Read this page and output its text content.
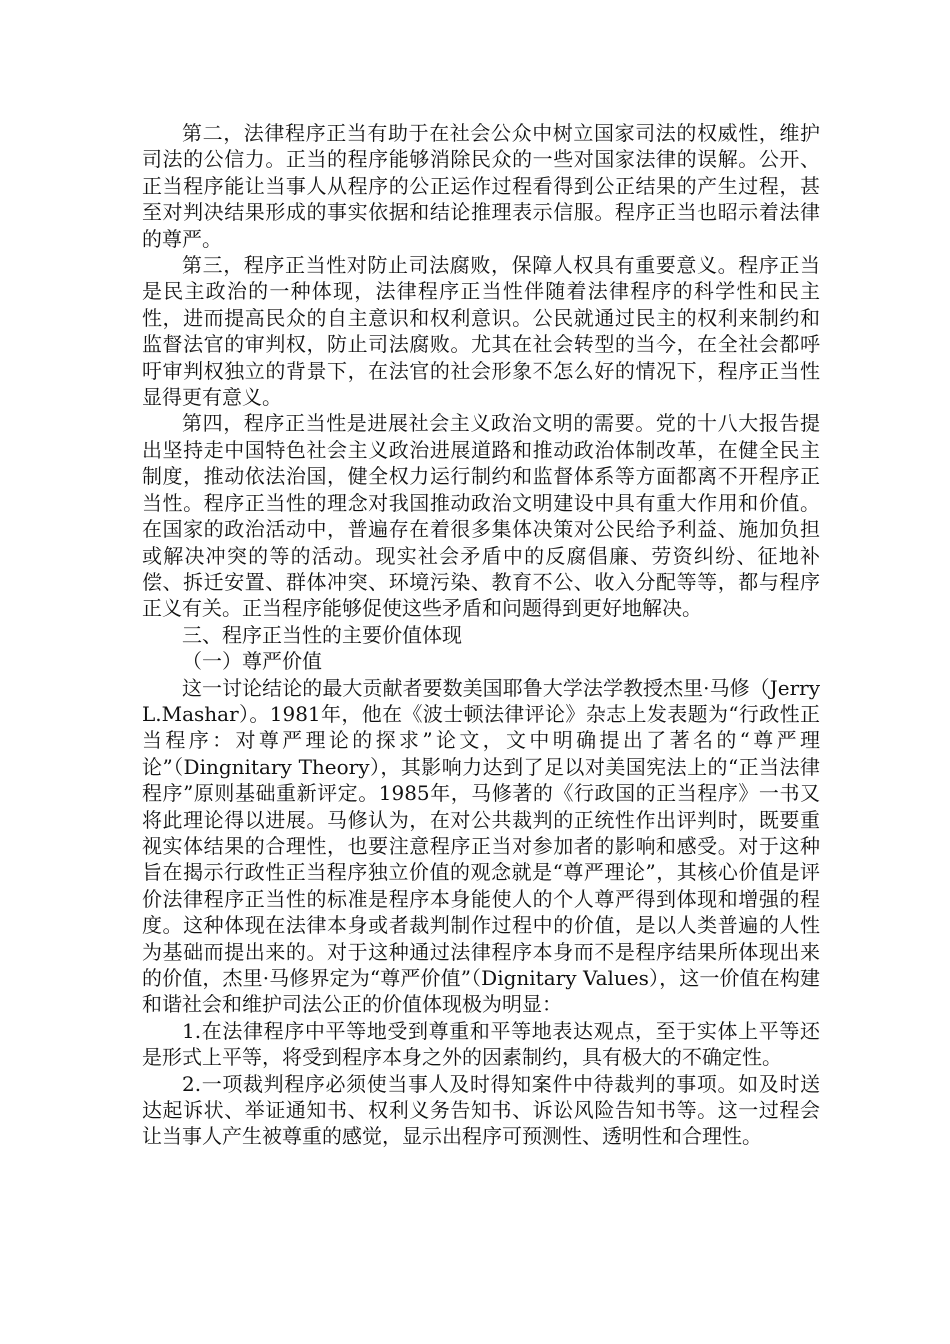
第二，法律程序正当有助于在社会公众中树立国家司法的权威性，维护司法的公信力。正当的程序能够消除民众的一些对国家法律的误解。公开、正当程序能让当事人从程序的公正运作过程看得到公正结果的产生过程，甚至对判决结果形成的事实依据和结论推理表示信服。程序正当也昭示着法律的尊严。

第三，程序正当性对防止司法腐败，保障人权具有重要意义。程序正当是民主政治的一种体现，法律程序正当性伴随着法律程序的科学性和民主性，进而提高民众的自主意识和权利意识。公民就通过民主的权利来制约和监督法官的审判权，防止司法腐败。尤其在社会转型的当今，在全社会都呼吁审判权独立的背景下，在法官的社会形象不怎么好的情况下，程序正当性显得更有意义。

第四，程序正当性是进展社会主义政治文明的需要。党的十八大报告提出坚持走中国特色社会主义政治进展道路和推动政治体制改革，在健全民主制度，推动依法治国，健全权力运行制约和监督体系等方面都离不开程序正当性。程序正当性的理念对我国推动政治文明建设中具有重大作用和价值。在国家的政治活动中，普遍存在着很多集体决策对公民给予利益、施加负担或解决冲突的等的活动。现实社会矛盾中的反腐倡廉、劳资纠纷、征地补偿、拆迁安置、群体冲突、环境污染、教育不公、收入分配等等，都与程序正义有关。正当程序能够促使这些矛盾和问题得到更好地解决。

三、程序正当性的主要价值体现

（一）尊严价值

这一讨论结论的最大贡献者要数美国耶鲁大学法学教授杰里·马修（Jerry L.Mashar）。1981年，他在《波士顿法律评论》杂志上发表题为“行政性正当程序：对尊严理论的探求”论文，文中明确提出了著名的“尊严理论”（Dingnitary Theory），其影响力达到了足以对美国宪法上的“正当法律程序”原则基础重新评定。1985年，马修著的《行政国的正当程序》一书又将此理论得以进展。马修认为，在对公共裁判的正统性作出评判时，既要重视实体结果的合理性，也要注意程序正当对参加者的影响和感受。对于这种旨在揭示行政性正当程序独立价值的观念就是“尊严理论”，其核心价值是评价法律程序正当性的标准是程序本身能使人的个人尊严得到体现和增强的程度。这种体现在法律本身或者裁判制作过程中的价值，是以人类普遍的人性为基础而提出来的。对于这种通过法律程序本身而不是程序结果所体现出来的价值，杰里·马修界定为“尊严价值”（Dignitary Values），这一价值在构建和谐社会和维护司法公正的价值体现极为明显：

1.在法律程序中平等地受到尊重和平等地表达观点，至于实体上平等还是形式上平等，将受到程序本身之外的因素制约，具有极大的不确定性。

2.一项裁判程序必须使当事人及时得知案件中待裁判的事项。如及时送达起诉状、举证通知书、权利义务告知书、诉讼风险告知书等。这一过程会让当事人产生被尊重的感觉，显示出程序可预测性、透明性和合理性。
